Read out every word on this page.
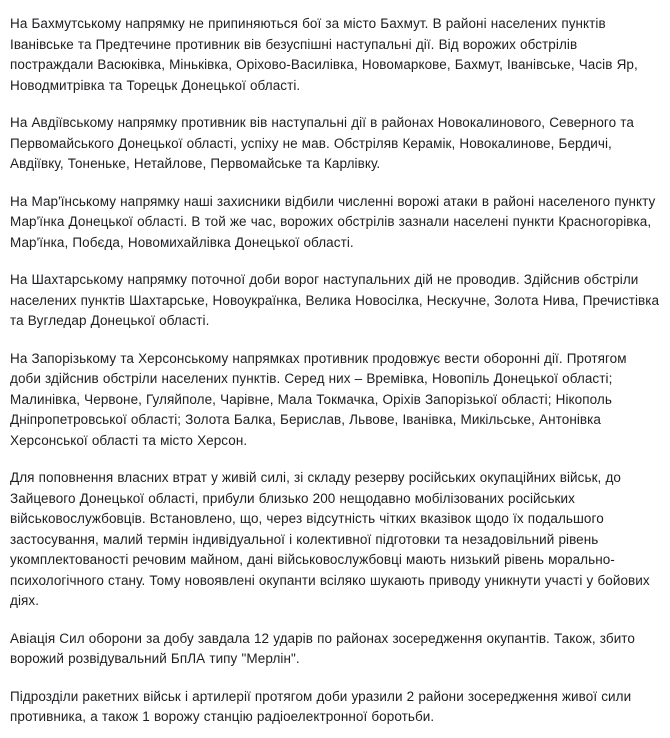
На Бахмутському напрямку не припиняються бої за місто Бахмут. В районі населених пунктів Іванівське та Предтечине противник вів безуспішні наступальні дії. Від ворожих обстрілів постраждали Васюківка, Міньківка, Оріхово-Василівка, Новомаркове, Бахмут, Іванівське, Часів Яр, Новодмитрівка та Торецьк Донецької області.

На Авдіївському напрямку противник вів наступальні дії в районах Новокалинового, Северного та Первомайського Донецької області, успіху не мав. Обстріляв Керамік, Новокалинове, Бердичі, Авдіївку, Тоненьке, Нетайлове, Первомайське та Карлівку.

На Мар'їнському напрямку наші захисники відбили численні ворожі атаки в районі населеного пункту Мар'їнка Донецької області. В той же час, ворожих обстрілів зазнали населені пункти Красногорівка, Мар'їнка, Побєда, Новомихайлівка Донецької області.

На Шахтарському напрямку поточної доби ворог наступальних дій не проводив. Здійснив обстріли населених пунктів Шахтарське, Новоукраїнка, Велика Новосілка, Нескучне, Золота Нива, Пречистівка та Вугледар Донецької області.

На Запорізькому та Херсонському напрямках противник продовжує вести оборонні дії. Протягом доби здійснив обстріли населених пунктів. Серед них – Времівка, Новопіль Донецької області; Малинівка, Червоне, Гуляйполе, Чарівне, Мала Токмачка, Оріхів Запорізької області; Нікополь Дніпропетровської області; Золота Балка, Берислав, Львове, Іванівка, Микільське, Антонівка Херсонської області та місто Херсон.

Для поповнення власних втрат у живій силі, зі складу резерву російських окупаційних військ, до Зайцевого Донецької області, прибули близько 200 нещодавно мобілізованих російських військовослужбовців. Встановлено, що, через відсутність чітких вказівок щодо їх подальшого застосування, малий термін індивідуальної і колективної підготовки та незадовільний рівень укомплектованості речовим майном, дані військовослужбовці мають низький рівень морально-психологічного стану. Тому новоявлені окупанти всіляко шукають приводу уникнути участі у бойових діях.

Авіація Сил оборони за добу завдала 12 ударів по районах зосередження окупантів. Також, збито ворожий розвідувальний БпЛА типу "Мерлін".

Підрозділи ракетних військ і артилерії протягом доби уразили 2 райони зосередження живої сили противника, а також 1 ворожу станцію радіоелектронної боротьби.
